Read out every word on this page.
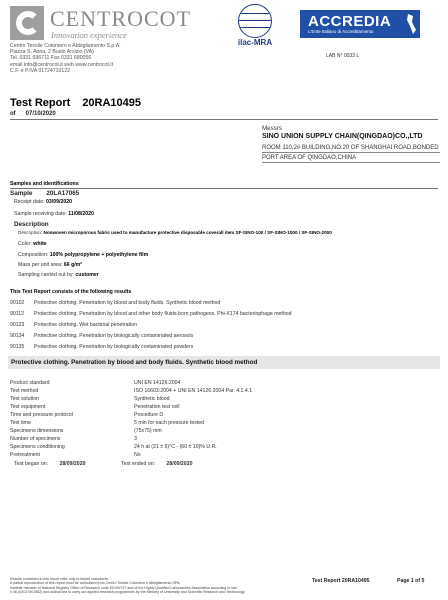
CENTROCOT
Innovation experience
ilac-MRA
ACCREDIA
L'Ente Italiano di Accreditamento
LAB N° 0033 L
Centro Tessile Cotoniero e Abbigliamento S.p.A.
Piazza S. Anna, 2 Busto Arsizio (VA)
Tel. 0331 696711 Fax 0331 680056
email info@centrocot.it web www.centrocot.it
C.F. e P.IVA 01724710122
Test Report 20RA10495
of 07/10/2020
Messrs
SINO UNION SUPPLY CHAIN(QINGDAO)CO.,LTD
ROOM 110,2# BUILDING,NO.20 OF SHANGHAI ROAD,BONDED
PORT AREA OF QINGDAO,CHINA
Samples and identifications
Sample 20LA17065
Receipt date: 03/09/2020
Sample receiving date: 11/08/2020
Description
Description: Nonwoven microporous fabric used to manufacture protective disposable coverall item SF-SINO-100 / SF-SINO-1000 / SF-SINO-2000
Color: white
Composition: 100% polypropylene + polyethylene film
Mass per unit area: 66 g/m²
Sampling carried out by: customer
This Test Report consists of the following results
90102 Protective clothing. Penetration by blood and body fluids. Synthetic blood method
90112 Protective clothing. Penetration by blood and other body fluids-born pathogens. Phi-X174 bacteriophage method
90123 Protective clothing. Wet bacterial penetration
90134 Protective clothing. Penetration by biologically contaminated aerosols
90135 Protective clothing. Penetration by biologically contaminated powders
Protective clothing. Penetration by blood and body fluids. Synthetic blood method
Product standard	UNI EN 14126:2004
Test method	ISO 16603:2004 + UNI EN 14126:2004 Par. 4.1.4.1
Test solution	Synthetic blood
Test equipment	Penetration test cell
Time and pressure protocol	Procedure D
Test time	5 min for each pressure tested
Specimens dimensions	(75x75) mm
Number of specimens	3
Specimens conditioning	24 h at (21 ± 5)°C - (60 ± 10)% U.R.
Pretreatment	No
Test began on: 28/09/2020	Test ended on: 28/09/2020
Results contained in this report refer only to tested manufacts.
A partial reproduction of this report must be authorized from Centro Tessile Cotoniero e Abbigliamento SPA.
Institute member of National Registry Office of Research code E0190Y27 and of the Highly Qualified Laboratories Association according to law
n.46 (02/1/7/b/1982) and authorized to carry out applied research programmes by the Ministry of University and Scientific Research and Technology.
Test Report 20RA10495	Page 1 of 5
